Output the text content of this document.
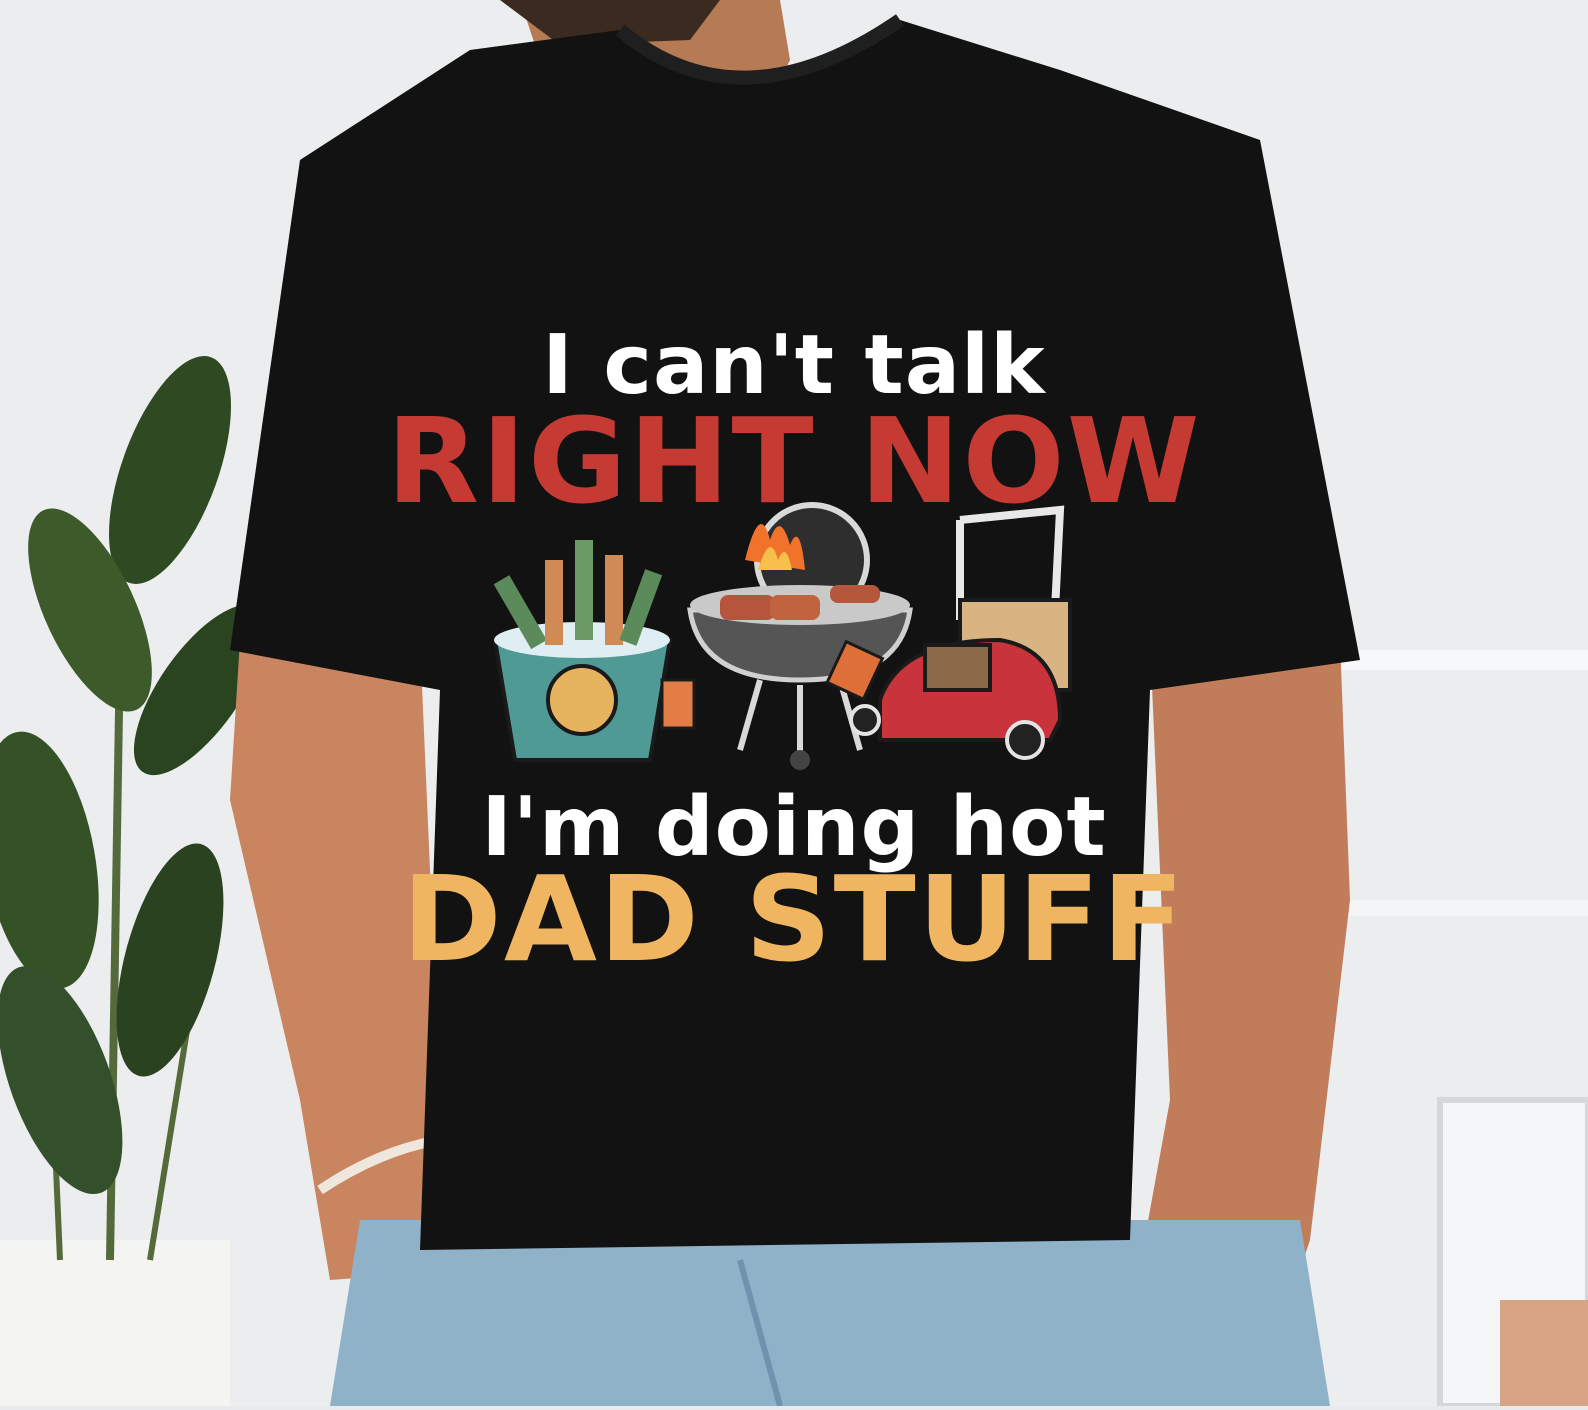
I can't talk
RIGHT NOW
I'm doing hot
DAD STUFF
